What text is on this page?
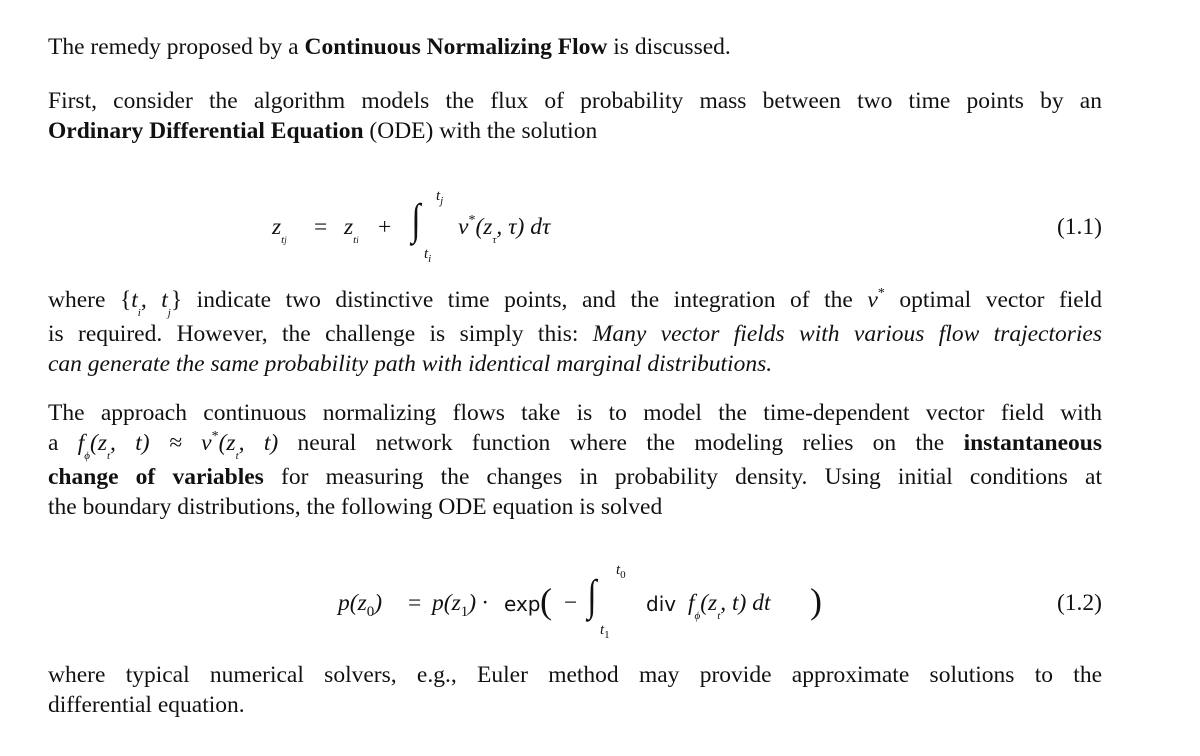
The remedy proposed by a Continuous Normalizing Flow is discussed.

First, consider the algorithm models the flux of probability mass between two time points by an
Ordinary Differential Equation (ODE) with the solution

$z_{tj} = z_{ti}$ + ∫ $t_j$
$t_i$
$v^*(z_\tau$, τ) dτ	(1.1)

where {$t_i$, $t_j$} indicate two distinctive time points, and the integration of the v* optimal vector field
is required. However, the challenge is simply this: Many vector fields with various flow trajectories
can generate the same probability path with identical marginal distributions.

The approach continuous normalizing flows take is to model the time-dependent vector field with
a $f_\phi(z_t$, $t) \approx v^*(z_t$, t) neural network function where the modeling relies on the instantaneous
change of variables for measuring the changes in probability density. Using initial conditions at
the boundary distributions, the following ODE equation is solved

$p(z_0) = p(z_1) \cdot \exp$ ( − ∫
$t_0$
$t_1$
div $f_\phi(z_t$, t) dt )	(1.2)

where typical numerical solvers, e.g., Euler method may provide approximate solutions to the
differential equation.
